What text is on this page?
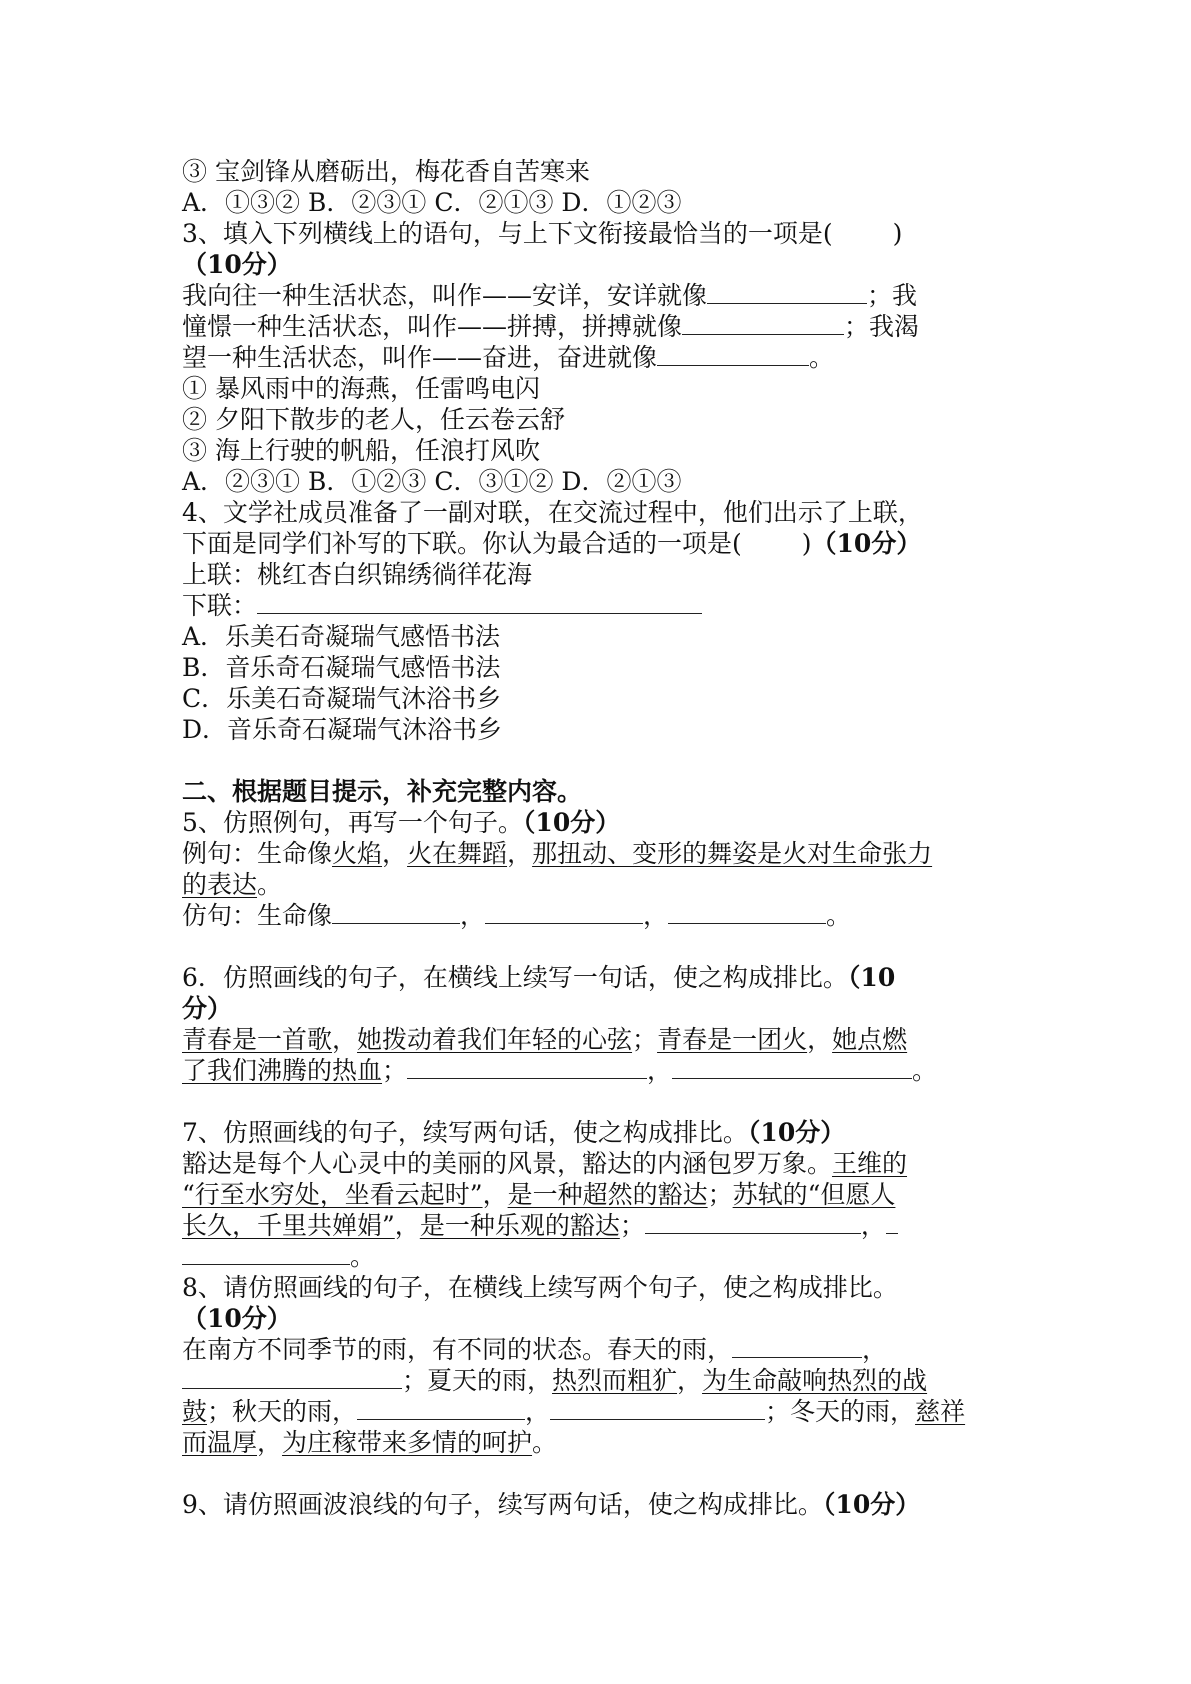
③ 宝剑锋从磨砺出，梅花香自苦寒来
A．①③② B．②③① C．②①③ D．①②③
3、填入下列横线上的语句，与上下文衔接最恰当的一项是( )
（10分）
我向往一种生活状态，叫作——安详，安详就像	；我
憧憬一种生活状态，叫作——拼搏，拼搏就像	；我渴
望一种生活状态，叫作——奋进，奋进就像	。
① 暴风雨中的海燕，任雷鸣电闪
② 夕阳下散步的老人，任云卷云舒
③ 海上行驶的帆船，任浪打风吹
A．②③① B．①②③ C．③①② D．②①③
4、文学社成员准备了一副对联，在交流过程中，他们出示了上联，
下面是同学们补写的下联。你认为最合适的一项是( )（10分）
上联：桃红杏白织锦绣徜徉花海
下联：
A．乐美石奇凝瑞气感悟书法
B．音乐奇石凝瑞气感悟书法
C．乐美石奇凝瑞气沐浴书乡
D．音乐奇石凝瑞气沐浴书乡
二、根据题目提示，补充完整内容。
5、仿照例句，再写一个句子。（10分）
例句：生命像火焰，火在舞蹈，那扭动、变形的舞姿是火对生命张力
的表达。
仿句：生命像	，	，	。
6．仿照画线的句子，在横线上续写一句话，使之构成排比。（10
分）
青春是一首歌，她拨动着我们年轻的心弦；青春是一团火，她点燃
了我们沸腾的热血；	，	。
7、仿照画线的句子，续写两句话，使之构成排比。（10分）
豁达是每个人心灵中的美丽的风景，豁达的内涵包罗万象。王维的
“行至水穷处，坐看云起时”，是一种超然的豁达；苏轼的“但愿人
长久，千里共婵娟”，是一种乐观的豁达；	，
。
8、请仿照画线的句子，在横线上续写两个句子，使之构成排比。
（10分）
在南方不同季节的雨，有不同的状态。春天的雨，	，
；夏天的雨，热烈而粗犷，为生命敲响热烈的战
鼓；秋天的雨，	，	；冬天的雨，慈祥
而温厚，为庄稼带来多情的呵护。
9、请仿照画波浪线的句子，续写两句话，使之构成排比。（10分）
